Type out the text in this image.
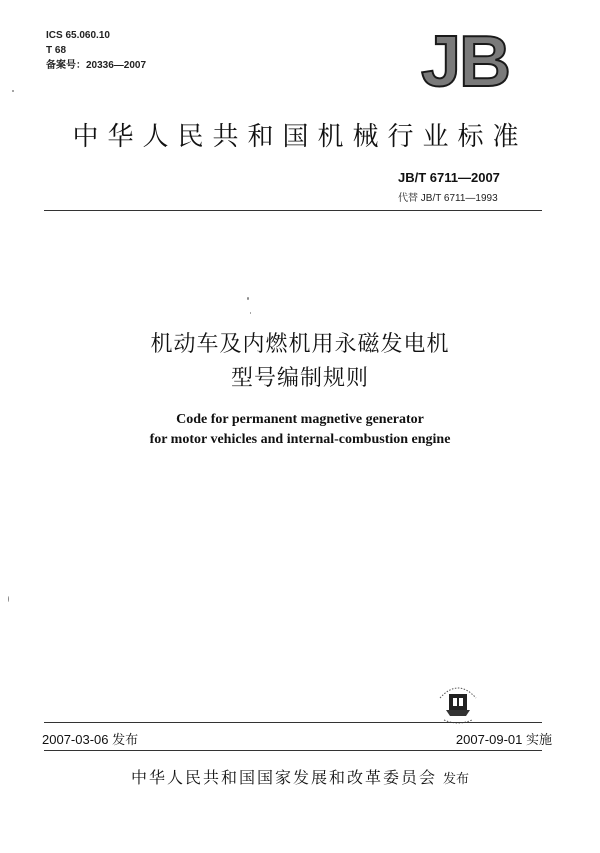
ICS 65.060.10
T 68
备案号：20336—2007	JB
中华人民共和国机械行业标准
JB/T 6711—2007
代替 JB/T 6711—1993
机动车及内燃机用永磁发电机
型号编制规则
Code for permanent magnetive generator
for motor vehicles and internal-combustion engine
2007-03-06 发布	2007-09-01 实施
中华人民共和国国家发展和改革委员会 发布
